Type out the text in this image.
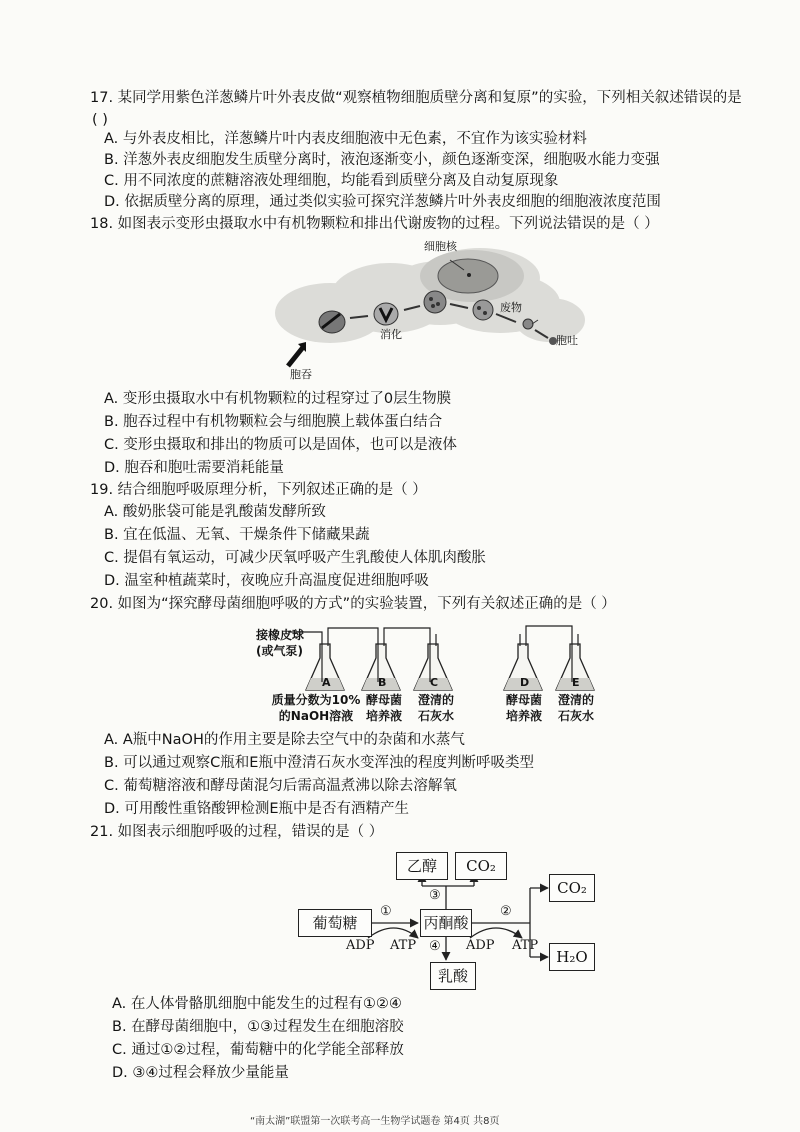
17. 某同学用紫色洋葱鳞片叶外表皮做“观察植物细胞质壁分离和复原”的实验，下列相关叙述错误的是
( )
A. 与外表皮相比，洋葱鳞片叶内表皮细胞液中无色素，不宜作为该实验材料
B. 洋葱外表皮细胞发生质壁分离时，液泡逐渐变小，颜色逐渐变深，细胞吸水能力变强
C. 用不同浓度的蔗糖溶液处理细胞，均能看到质壁分离及自动复原现象
D. 依据质壁分离的原理，通过类似实验可探究洋葱鳞片叶外表皮细胞的细胞液浓度范围
18. 如图表示变形虫摄取水中有机物颗粒和排出代谢废物的过程。下列说法错误的是（ ）
细胞核
消化
废物
胞吞
胞吐
A. 变形虫摄取水中有机物颗粒的过程穿过了0层生物膜
B. 胞吞过程中有机物颗粒会与细胞膜上载体蛋白结合
C. 变形虫摄取和排出的物质可以是固体，也可以是液体
D. 胞吞和胞吐需要消耗能量
19. 结合细胞呼吸原理分析，下列叙述正确的是（ ）
A. 酸奶胀袋可能是乳酸菌发酵所致
B. 宜在低温、无氧、干燥条件下储藏果蔬
C. 提倡有氧运动，可减少厌氧呼吸产生乳酸使人体肌肉酸胀
D. 温室种植蔬菜时，夜晚应升高温度促进细胞呼吸
20. 如图为“探究酵母菌细胞呼吸的方式”的实验装置，下列有关叙述正确的是（ ）
接橡皮球
(或气泵)
A	B	C	D	E
质量分数为10%
的NaOH溶液
酵母菌
培养液
澄清的
石灰水
酵母菌
培养液
澄清的
石灰水
A. A瓶中NaOH的作用主要是除去空气中的杂菌和水蒸气
B. 可以通过观察C瓶和E瓶中澄清石灰水变浑浊的程度判断呼吸类型
C. 葡萄糖溶液和酵母菌混匀后需高温煮沸以除去溶解氧
D. 可用酸性重铬酸钾检测E瓶中是否有酒精产生
21. 如图表示细胞呼吸的过程，错误的是（ ）
乙醇	CO₂
葡萄糖	丙酮酸
CO₂
H₂O
乳酸
①	②
③
④
ADP ATP	ADP ATP
A. 在人体骨骼肌细胞中能发生的过程有①②④
B. 在酵母菌细胞中，①③过程发生在细胞溶胶
C. 通过①②过程，葡萄糖中的化学能全部释放
D. ③④过程会释放少量能量
“南太湖”联盟第一次联考高一生物学试题卷 第4页 共8页
